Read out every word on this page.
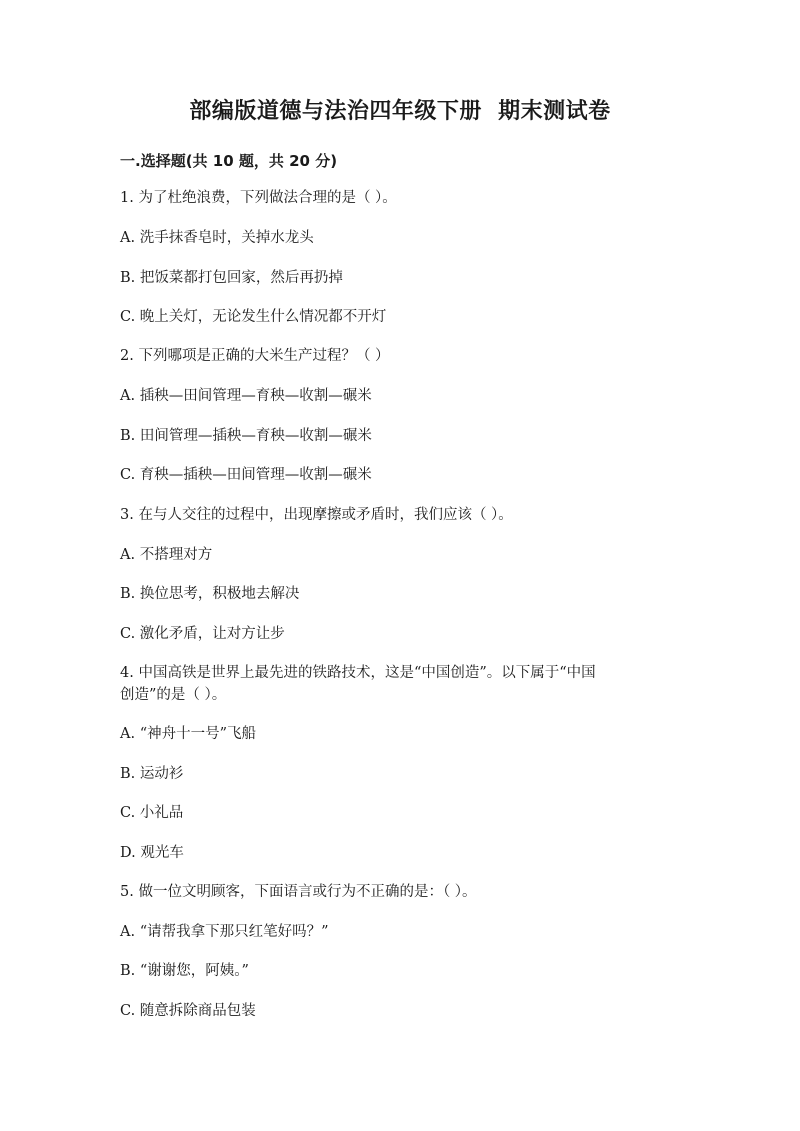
部编版道德与法治四年级下册  期末测试卷
一.选择题(共 10 题，共 20 分)
1. 为了杜绝浪费，下列做法合理的是（ ）。
A. 洗手抹香皂时，关掉水龙头
B. 把饭菜都打包回家，然后再扔掉
C. 晚上关灯，无论发生什么情况都不开灯
2. 下列哪项是正确的大米生产过程？（ ）
A. 插秧—田间管理—育秧—收割—碾米
B. 田间管理—插秧—育秧—收割—碾米
C. 育秧—插秧—田间管理—收割—碾米
3. 在与人交往的过程中，出现摩擦或矛盾时，我们应该（ ）。
A. 不搭理对方
B. 换位思考，积极地去解决
C. 激化矛盾，让对方让步
4. 中国高铁是世界上最先进的铁路技术，这是“中国创造”。以下属于“中国
创造”的是（ ）。
A. “神舟十一号”飞船
B. 运动衫
C. 小礼品
D. 观光车
5. 做一位文明顾客，下面语言或行为不正确的是：（ ）。
A. “请帮我拿下那只红笔好吗？”
B. “谢谢您，阿姨。”
C. 随意拆除商品包装
